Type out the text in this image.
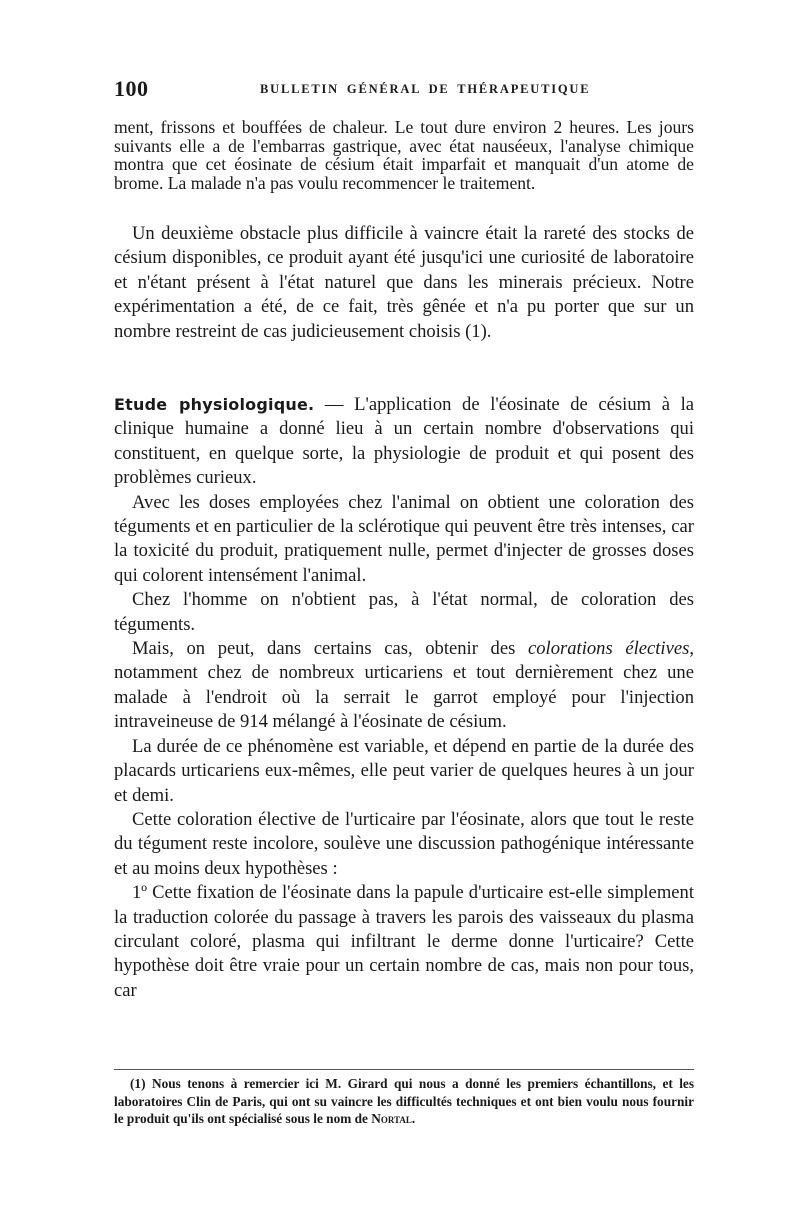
100	BULLETIN GÉNÉRAL DE THÉRAPEUTIQUE

ment, frissons et bouffées de chaleur. Le tout dure environ 2 heures. Les jours suivants elle a de l'embarras gastrique, avec état nauséeux, l'analyse chimique montra que cet éosinate de césium était imparfait et manquait d'un atome de brome. La malade n'a pas voulu recommencer le traitement.

Un deuxième obstacle plus difficile à vaincre était la rareté des stocks de césium disponibles, ce produit ayant été jusqu'ici une curiosité de laboratoire et n'étant présent à l'état naturel que dans les minerais précieux. Notre expérimentation a été, de ce fait, très gênée et n'a pu porter que sur un nombre restreint de cas judicieusement choisis (1).

Etude physiologique. — L'application de l'éosinate de césium à la clinique humaine a donné lieu à un certain nombre d'observations qui constituent, en quelque sorte, la physiologie de produit et qui posent des problèmes curieux.

Avec les doses employées chez l'animal on obtient une coloration des téguments et en particulier de la sclérotique qui peuvent être très intenses, car la toxicité du produit, pratiquement nulle, permet d'injecter de grosses doses qui colorent intensément l'animal.

Chez l'homme on n'obtient pas, à l'état normal, de coloration des téguments.

Mais, on peut, dans certains cas, obtenir des colorations électives, notamment chez de nombreux urticariens et tout dernièrement chez une malade à l'endroit où la serrait le garrot employé pour l'injection intraveineuse de 914 mélangé à l'éosinate de césium.

La durée de ce phénomène est variable, et dépend en partie de la durée des placards urticariens eux-mêmes, elle peut varier de quelques heures à un jour et demi.

Cette coloration élective de l'urticaire par l'éosinate, alors que tout le reste du tégument reste incolore, soulève une discussion pathogénique intéressante et au moins deux hypothèses :

1º Cette fixation de l'éosinate dans la papule d'urticaire est-elle simplement la traduction colorée du passage à travers les parois des vaisseaux du plasma circulant coloré, plasma qui infiltrant le derme donne l'urticaire? Cette hypothèse doit être vraie pour un certain nombre de cas, mais non pour tous, car

(1) Nous tenons à remercier ici M. Girard qui nous a donné les premiers échantillons, et les laboratoires Clin de Paris, qui ont su vaincre les difficultés techniques et ont bien voulu nous fournir le produit qu'ils ont spécialisé sous le nom de Nortal.
